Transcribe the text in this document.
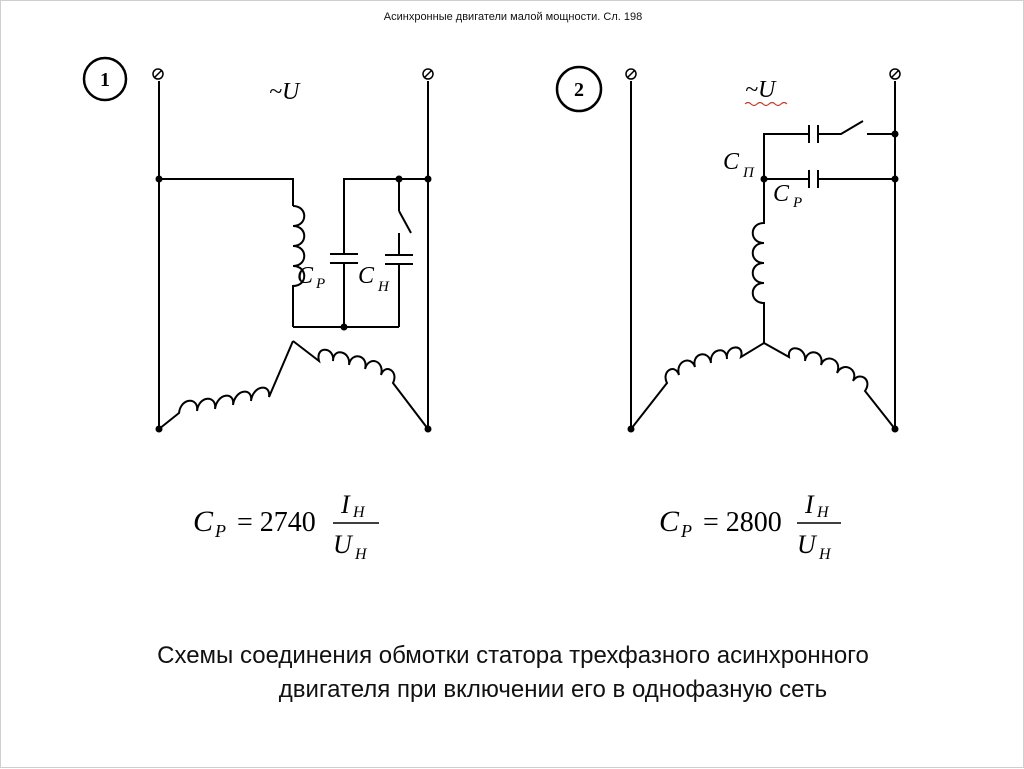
Асинхронные двигатели малой мощности. Сл. 198
1	~U
C P C Н
C P = 2740
I Н
U Н
2	~U
C П
C P
C P = 2800
I Н
U Н
Схемы соединения обмотки статора трехфазного асинхронного
двигателя при включении его в однофазную сеть
